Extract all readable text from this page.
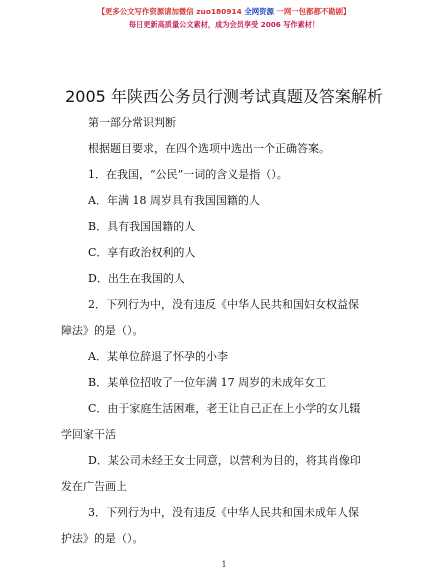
【更多公文写作资源请加微信 zuo180914 全网资源 一网一包都都不勘剧】
每日更新高质量公文素材，成为会员享受 2006 写作素材！
2005 年陕西公务员行测考试真题及答案解析
第一部分常识判断
根据题目要求，在四个选项中选出一个正确答案。
1．在我国，“公民”一词的含义是指（）。
A．年满 18 周岁具有我国国籍的人
B．具有我国国籍的人
C．享有政治权利的人
D．出生在我国的人
2．下列行为中，没有违反《中华人民共和国妇女权益保
障法》的是（）。
A．某单位辞退了怀孕的小李
B．某单位招收了一位年满 17 周岁的未成年女工
C．由于家庭生活困难，老王让自己正在上小学的女儿辍
学回家干活
D．某公司未经王女士同意，以营利为目的，将其肖像印
发在广告画上
3．下列行为中，没有违反《中华人民共和国未成年人保
护法》的是（）。
1
